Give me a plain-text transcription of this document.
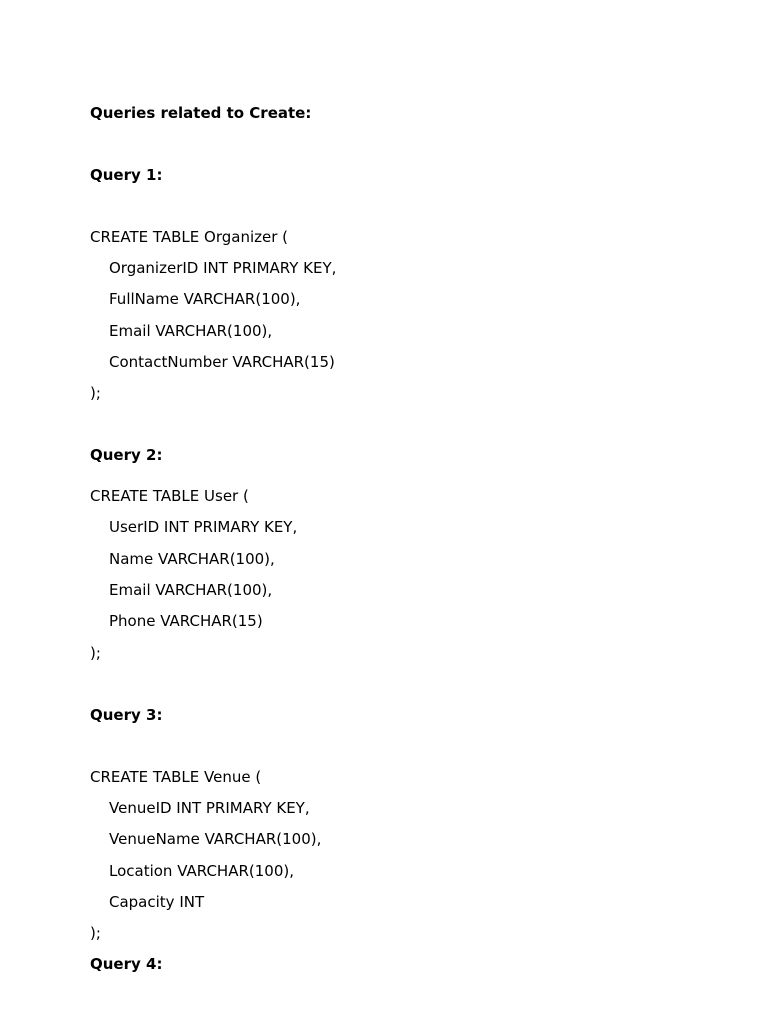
Queries related to Create:
Query 1:
CREATE TABLE Organizer (
OrganizerID INT PRIMARY KEY,
FullName VARCHAR(100),
Email VARCHAR(100),
ContactNumber VARCHAR(15)
);
Query 2:
CREATE TABLE User (
UserID INT PRIMARY KEY,
Name VARCHAR(100),
Email VARCHAR(100),
Phone VARCHAR(15)
);
Query 3:
CREATE TABLE Venue (
VenueID INT PRIMARY KEY,
VenueName VARCHAR(100),
Location VARCHAR(100),
Capacity INT
);
Query 4:
